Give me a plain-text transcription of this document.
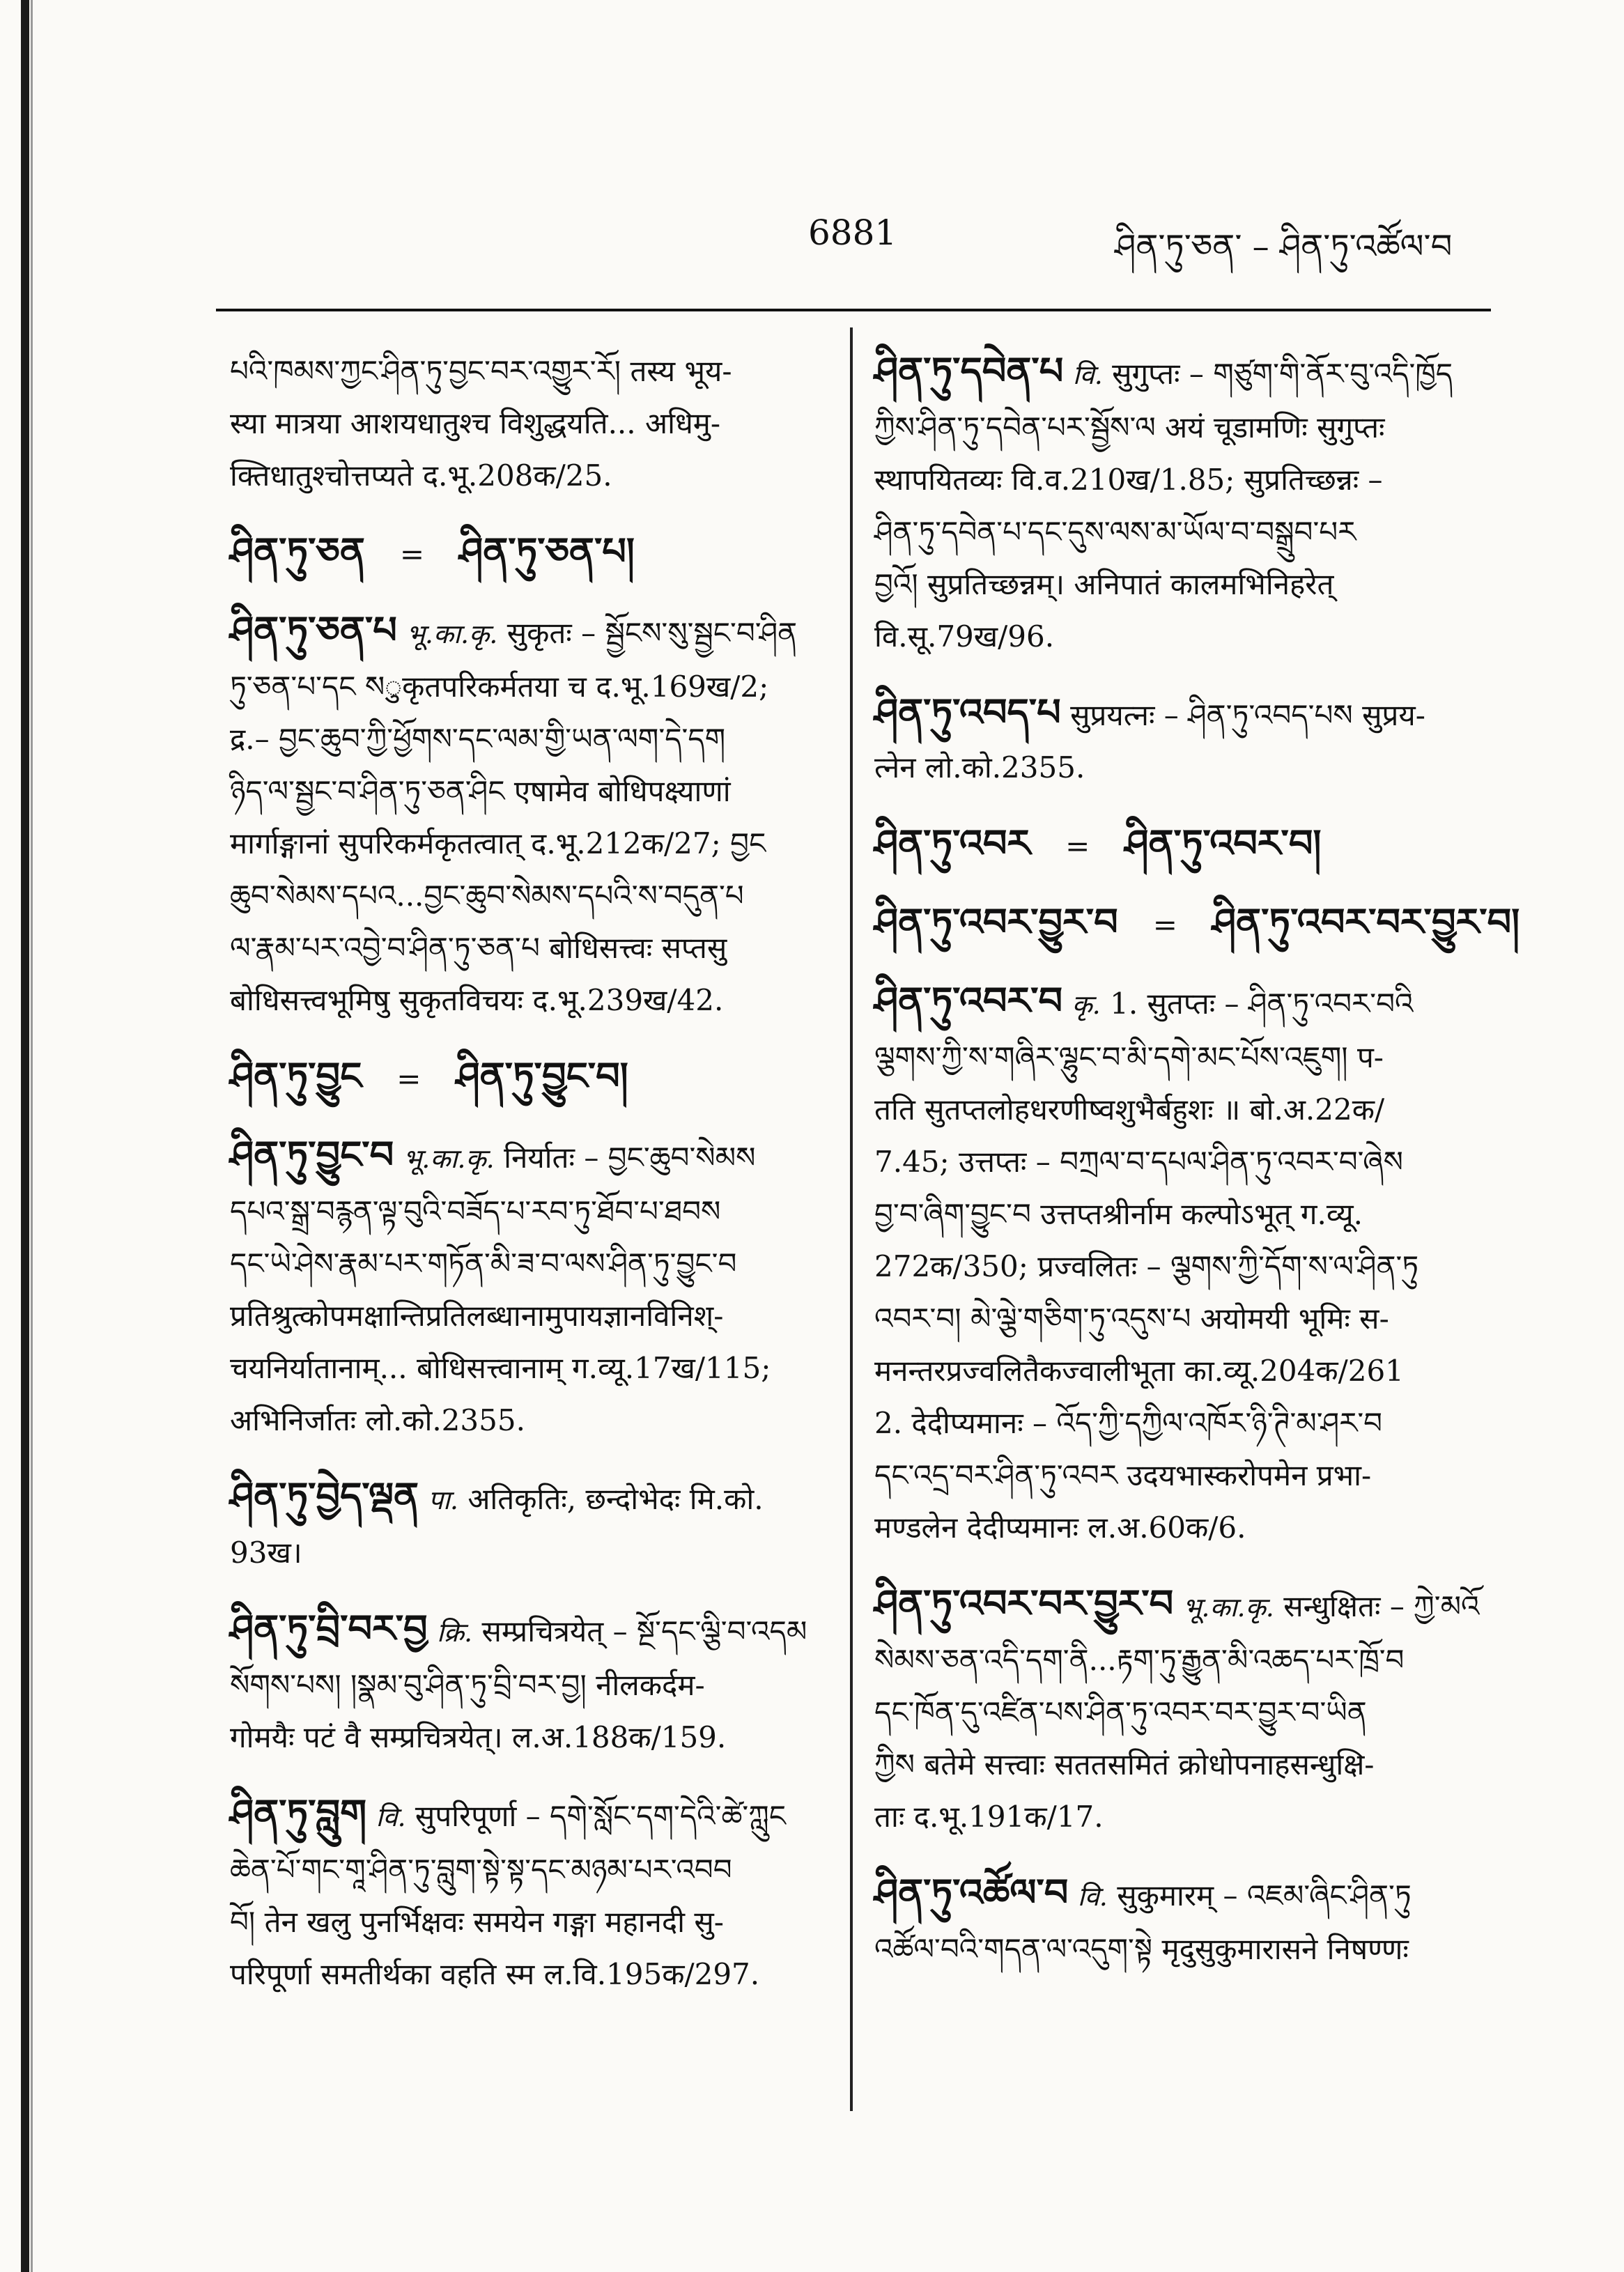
6881	ཤིན་ཏུ་ཅན་ – ཤིན་ཏུ་འཚོལ་བ
པའི་ཁམས་ཀྱང་ཤིན་ཏུ་བྱང་བར་འགྱུར་རོ། तस्य भूय-
स्या मात्रया आशयधातुश्च विशुद्धयति... अधिमु-
क्तिधातुश्चोत्तप्यते द.भू.208क/25.
ཤིན་ཏུ་ཅན = ཤིན་ཏུ་ཅན་པ།
ཤིན་ཏུ་ཅན་པ भू.का.कृ. सुकृतः – སྦྱོངས་སུ་སྦྱང་བ་ཤིན
ཏུ་ཅན་པ་དང སुकृतपरिकर्मतया च द.भू.169ख/2;
द्र.– བྱང་ཆུབ་ཀྱི་ཕྱོགས་དང་ལམ་གྱི་ཡན་ལག་དེ་དག
ཉིད་ལ་སྦྱང་བ་ཤིན་ཏུ་ཅན་ཤིང एषामेव बोधिपक्ष्याणां
मार्गाङ्गानां सुपरिकर्मकृतत्वात् द.भू.212क/27; བྱང
ཆུབ་སེམས་དཔའ...བྱང་ཆུབ་སེམས་དཔའི་ས་བདུན་པ
ལ་རྣམ་པར་འབྱེ་བ་ཤིན་ཏུ་ཅན་པ बोधिसत्त्वः सप्तसु
बोधिसत्त्वभूमिषु सुकृतविचयः द.भू.239ख/42.
ཤིན་ཏུ་བྱུང = ཤིན་ཏུ་བྱུང་བ།
ཤིན་ཏུ་བྱུང་བ भू.का.कृ. निर्यातः – བྱང་ཆུབ་སེམས
དཔའ་སྒྲ་བརྙན་ལྟ་བུའི་བཟོད་པ་རབ་ཏུ་ཐོབ་པ་ཐབས
དང་ཡེ་ཤེས་རྣམ་པར་གཏོན་མི་ཟ་བ་ལས་ཤིན་ཏུ་བྱུང་བ
प्रतिश्रुत्कोपमक्षान्तिप्रतिलब्धानामुपायज्ञानविनिश्-
चयनिर्यातानाम्... बोधिसत्त्वानाम् ग.व्यू.17ख/115;
अभिनिर्जातः लो.को.2355.
ཤིན་ཏུ་བྱེད་ལྡན पा. अतिकृतिः, छन्दोभेदः मि.को.
93ख।
ཤིན་ཏུ་བྲི་བར་བྱ क्रि. सम्प्रचित्रयेत् – སྔོ་དང་ལྕི་བ་འདམ
སོགས་པས། །སྣམ་བུ་ཤིན་ཏུ་བྲི་བར་བྱ། नीलकर्दम-
गोमयैः पटं वै सम्प्रचित्रयेत्। ल.अ.188क/159.
ཤིན་ཏུ་བླུག वि. सुपरिपूर्णा – དགེ་སློང་དག་དེའི་ཚེ་ཀླུང
ཆེན་པོ་གང་གཱ་ཤིན་ཏུ་བླུག་སྟེ་སྟ་དང་མཉམ་པར་འབབ
བོ། तेन खलु पुनर्भिक्षवः समयेन गङ्गा महानदी सु-
परिपूर्णा समतीर्थका वहति स्म ल.वि.195क/297.
ཤིན་ཏུ་དབེན་པ वि. सुगुप्तः – གཙུག་གི་ནོར་བུ་འདི་ཁྱོད
ཀྱིས་ཤིན་ཏུ་དབེན་པར་སྦྱོས་ལ अयं चूडामणिः सुगुप्तः
स्थापयितव्यः वि.व.210ख/1.85; सुप्रतिच्छन्नः –
ཤིན་ཏུ་དབེན་པ་དང་དུས་ལས་མ་ཡོལ་བ་བསྒྲུབ་པར
བྱའོ། सुप्रतिच्छन्नम्। अनिपातं कालमभिनिहरेत्
वि.सू.79ख/96.
ཤིན་ཏུ་འབད་པ सुप्रयत्नः – ཤིན་ཏུ་འབད་པས सुप्रय-
त्नेन लो.को.2355.
ཤིན་ཏུ་འབར = ཤིན་ཏུ་འབར་བ།
ཤིན་ཏུ་འབར་བྱུར་བ = ཤིན་ཏུ་འབར་བར་བྱུར་བ།
ཤིན་ཏུ་འབར་བ कृ. 1. सुतप्तः – ཤིན་ཏུ་འབར་བའི
ལྕགས་ཀྱི་ས་གཞིར་ལྷུང་བ་མི་དགེ་མང་པོས་འཇུག། प-
तति सुतप्तलोहधरणीष्वशुभैर्बहुशः ॥ बो.अ.22क/
7.45; उत्तप्तः – བཀྲལ་བ་དཔལ་ཤིན་ཏུ་འབར་བ་ཞེས
བྱ་བ་ཞིག་བྱུང་བ उत्तप्तश्रीर्नाम कल्पोऽभूत् ग.व्यू.
272क/350; प्रज्वलितः – ལྕགས་ཀྱི་དོག་ས་ལ་ཤིན་ཏུ
འབར་བ། མེ་ལྕེ་གཅིག་ཏུ་འདུས་པ अयोमयी भूमिः स-
मनन्तरप्रज्वलितैकज्वालीभूता का.व्यू.204क/261
2. देदीप्यमानः – འོད་ཀྱི་དཀྱིལ་འཁོར་ཉི་ཊི་མ་ཤར་བ
དང་འདྲ་བར་ཤིན་ཏུ་འབར उदयभास्करोपमेन प्रभा-
मण्डलेन देदीप्यमानः ल.अ.60क/6.
ཤིན་ཏུ་འབར་བར་བྱུར་བ भू.का.कृ. सन्धुक्षितः – ཀྱེ་མའོ
སེམས་ཅན་འདི་དག་ནི...རྟག་ཏུ་རྒྱུན་མི་འཆད་པར་ཁྲོ་བ
དང་ཁོན་དུ་འཛིན་པས་ཤིན་ཏུ་འབར་བར་བྱུར་བ་ཡིན
ཀྱིས बतेमे सत्त्वाः सततसमितं क्रोधोपनाहसन्धुक्षि-
ताः द.भू.191क/17.
ཤིན་ཏུ་འཚོལ་བ वि. सुकुमारम् – འཇམ་ཞིང་ཤིན་ཏུ
འཚོལ་བའི་གདན་ལ་འདུག་སྟེ मृदुसुकुमारासने निषण्णः
